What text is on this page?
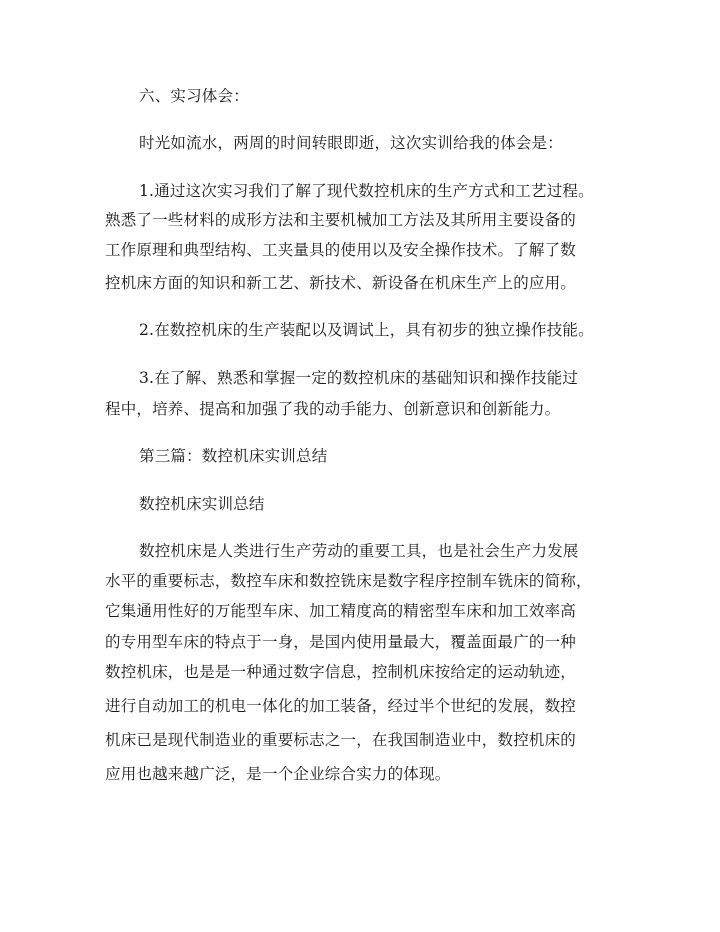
六、实习体会：
时光如流水，两周的时间转眼即逝，这次实训给我的体会是：
1.通过这次实习我们了解了现代数控机床的生产方式和工艺过程。
熟悉了一些材料的成形方法和主要机械加工方法及其所用主要设备的
工作原理和典型结构、工夹量具的使用以及安全操作技术。了解了数
控机床方面的知识和新工艺、新技术、新设备在机床生产上的应用。
2.在数控机床的生产装配以及调试上，具有初步的独立操作技能。
3.在了解、熟悉和掌握一定的数控机床的基础知识和操作技能过
程中，培养、提高和加强了我的动手能力、创新意识和创新能力。
第三篇：数控机床实训总结
数控机床实训总结
数控机床是人类进行生产劳动的重要工具，也是社会生产力发展
水平的重要标志，数控车床和数控铣床是数字程序控制车铣床的简称，
它集通用性好的万能型车床、加工精度高的精密型车床和加工效率高
的专用型车床的特点于一身，是国内使用量最大，覆盖面最广的一种
数控机床，也是是一种通过数字信息，控制机床按给定的运动轨迹，
进行自动加工的机电一体化的加工装备，经过半个世纪的发展，数控
机床已是现代制造业的重要标志之一，在我国制造业中，数控机床的
应用也越来越广泛，是一个企业综合实力的体现。
